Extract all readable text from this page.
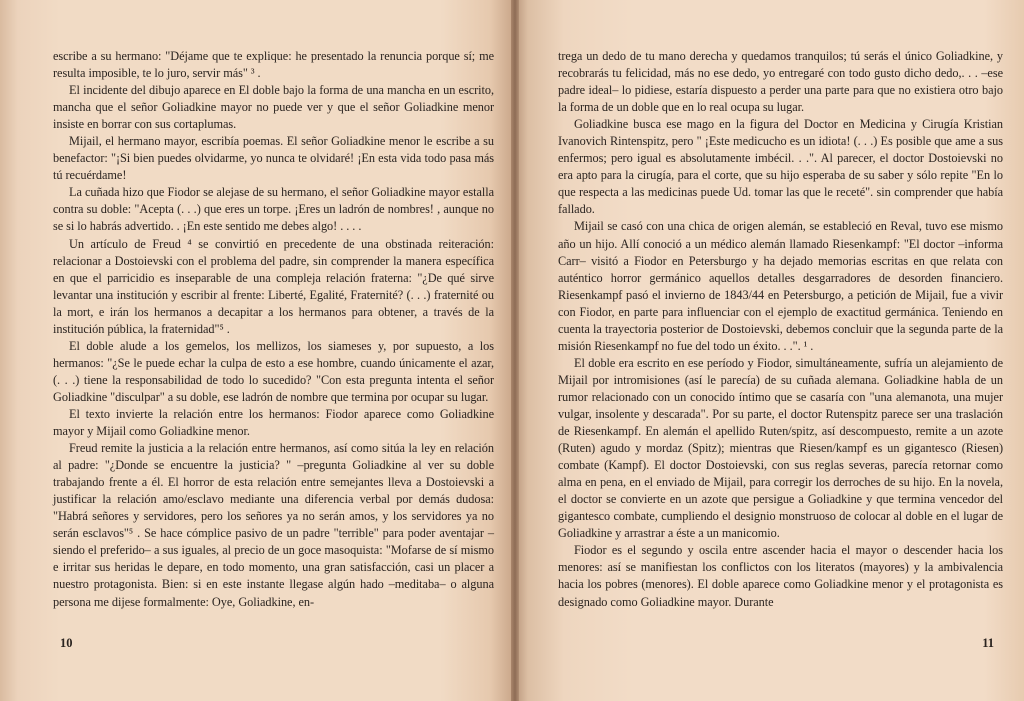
escribe a su hermano: "Déjame que te explique: he presentado la renuncia porque sí; me resulta imposible, te lo juro, servir más" ³ .

El incidente del dibujo aparece en El doble bajo la forma de una mancha en un escrito, mancha que el señor Goliadkine mayor no puede ver y que el señor Goliadkine menor insiste en borrar con sus cortaplumas.

Mijail, el hermano mayor, escribía poemas. El señor Goliadkine menor le escribe a su benefactor: "¡Si bien puedes olvidarme, yo nunca te olvidaré! ¡En esta vida todo pasa más tú recuérdame!

La cuñada hizo que Fiodor se alejase de su hermano, el señor Goliadkine mayor estalla contra su doble: "Acepta (. . .) que eres un torpe. ¡Eres un ladrón de nombres! , aunque no se si lo habrás advertido. . ¡En este sentido me debes algo! . . . .

Un artículo de Freud ⁴ se convirtió en precedente de una obstinada reiteración: relacionar a Dostoievski con el problema del padre, sin comprender la manera específica en que el parricidio es inseparable de una compleja relación fraterna: "¿De qué sirve levantar una institución y escribir al frente: Liberté, Egalité, Fraternité? (. . .) fraternité ou la mort, e irán los hermanos a decapitar a los hermanos para obtener, a través de la institución pública, la fraternidad"⁵ .

El doble alude a los gemelos, los mellizos, los siameses y, por supuesto, a los hermanos: "¿Se le puede echar la culpa de esto a ese hombre, cuando únicamente el azar, (. . .) tiene la responsabilidad de todo lo sucedido? "Con esta pregunta intenta el señor Goliadkine "disculpar" a su doble, ese ladrón de nombre que termina por ocupar su lugar.

El texto invierte la relación entre los hermanos: Fiodor aparece como Goliadkine mayor y Mijail como Goliadkine menor.

Freud remite la justicia a la relación entre hermanos, así como sitúa la ley en relación al padre: "¿Donde se encuentre la justicia? " –pregunta Goliadkine al ver su doble trabajando frente a él. El horror de esta relación entre semejantes lleva a Dostoievski a justificar la relación amo/esclavo mediante una diferencia verbal por demás dudosa: "Habrá señores y servidores, pero los señores ya no serán amos, y los servidores ya no serán esclavos"⁵ . Se hace cómplice pasivo de un padre "terrible" para poder aventajar –siendo el preferido– a sus iguales, al precio de un goce masoquista: "Mofarse de sí mismo e irritar sus heridas le depare, en todo momento, una gran satisfacción, casi un placer a nuestro protagonista. Bien: si en este instante llegase algún hado –meditaba– o alguna persona me dijese formalmente: Oye, Goliadkine, en-

10

trega un dedo de tu mano derecha y quedamos tranquilos; tú serás el único Goliadkine, y recobrarás tu felicidad, más no ese dedo, yo entregaré con todo gusto dicho dedo,. . . –ese padre ideal– lo pidiese, estaría dispuesto a perder una parte para que no existiera otro bajo la forma de un doble que en lo real ocupa su lugar.

Goliadkine busca ese mago en la figura del Doctor en Medicina y Cirugía Kristian Ivanovich Rintenspitz, pero " ¡Este medicucho es un idiota! (. . .) Es posible que ame a sus enfermos; pero igual es absolutamente imbécil. . .". Al parecer, el doctor Dostoievski no era apto para la cirugía, para el corte, que su hijo esperaba de su saber y sólo repite "En lo que respecta a las medicinas puede Ud. tomar las que le receté". sin comprender que había fallado.

Mijail se casó con una chica de origen alemán, se estableció en Reval, tuvo ese mismo año un hijo. Allí conoció a un médico alemán llamado Riesenkampf: "El doctor –informa Carr– visitó a Fiodor en Petersburgo y ha dejado memorias escritas en que relata con auténtico horror germánico aquellos detalles desgarradores de desorden financiero. Riesenkampf pasó el invierno de 1843/44 en Petersburgo, a petición de Mijail, fue a vivir con Fiodor, en parte para influenciar con el ejemplo de exactitud germánica. Teniendo en cuenta la trayectoria posterior de Dostoievski, debemos concluir que la segunda parte de la misión Riesenkampf no fue del todo un éxito. . .". ¹ .

El doble era escrito en ese período y Fiodor, simultáneamente, sufría un alejamiento de Mijail por intromisiones (así le parecía) de su cuñada alemana. Goliadkine habla de un rumor relacionado con un conocido íntimo que se casaría con "una alemanota, una mujer vulgar, insolente y descarada". Por su parte, el doctor Rutenspitz parece ser una traslación de Riesenkampf. En alemán el apellido Ruten/spitz, así descompuesto, remite a un azote (Ruten) agudo y mordaz (Spitz); mientras que Riesen/kampf es un gigantesco (Riesen) combate (Kampf). El doctor Dostoievski, con sus reglas severas, parecía retornar como alma en pena, en el enviado de Mijail, para corregir los derroches de su hijo. En la novela, el doctor se convierte en un azote que persigue a Goliadkine y que termina vencedor del gigantesco combate, cumpliendo el designio monstruoso de colocar al doble en el lugar de Goliadkine y arrastrar a éste a un manicomio.

Fiodor es el segundo y oscila entre ascender hacia el mayor o descender hacia los menores: así se manifiestan los conflictos con los literatos (mayores) y la ambivalencia hacia los pobres (menores). El doble aparece como Goliadkine menor y el protagonista es designado como Goliadkine mayor. Durante

11
